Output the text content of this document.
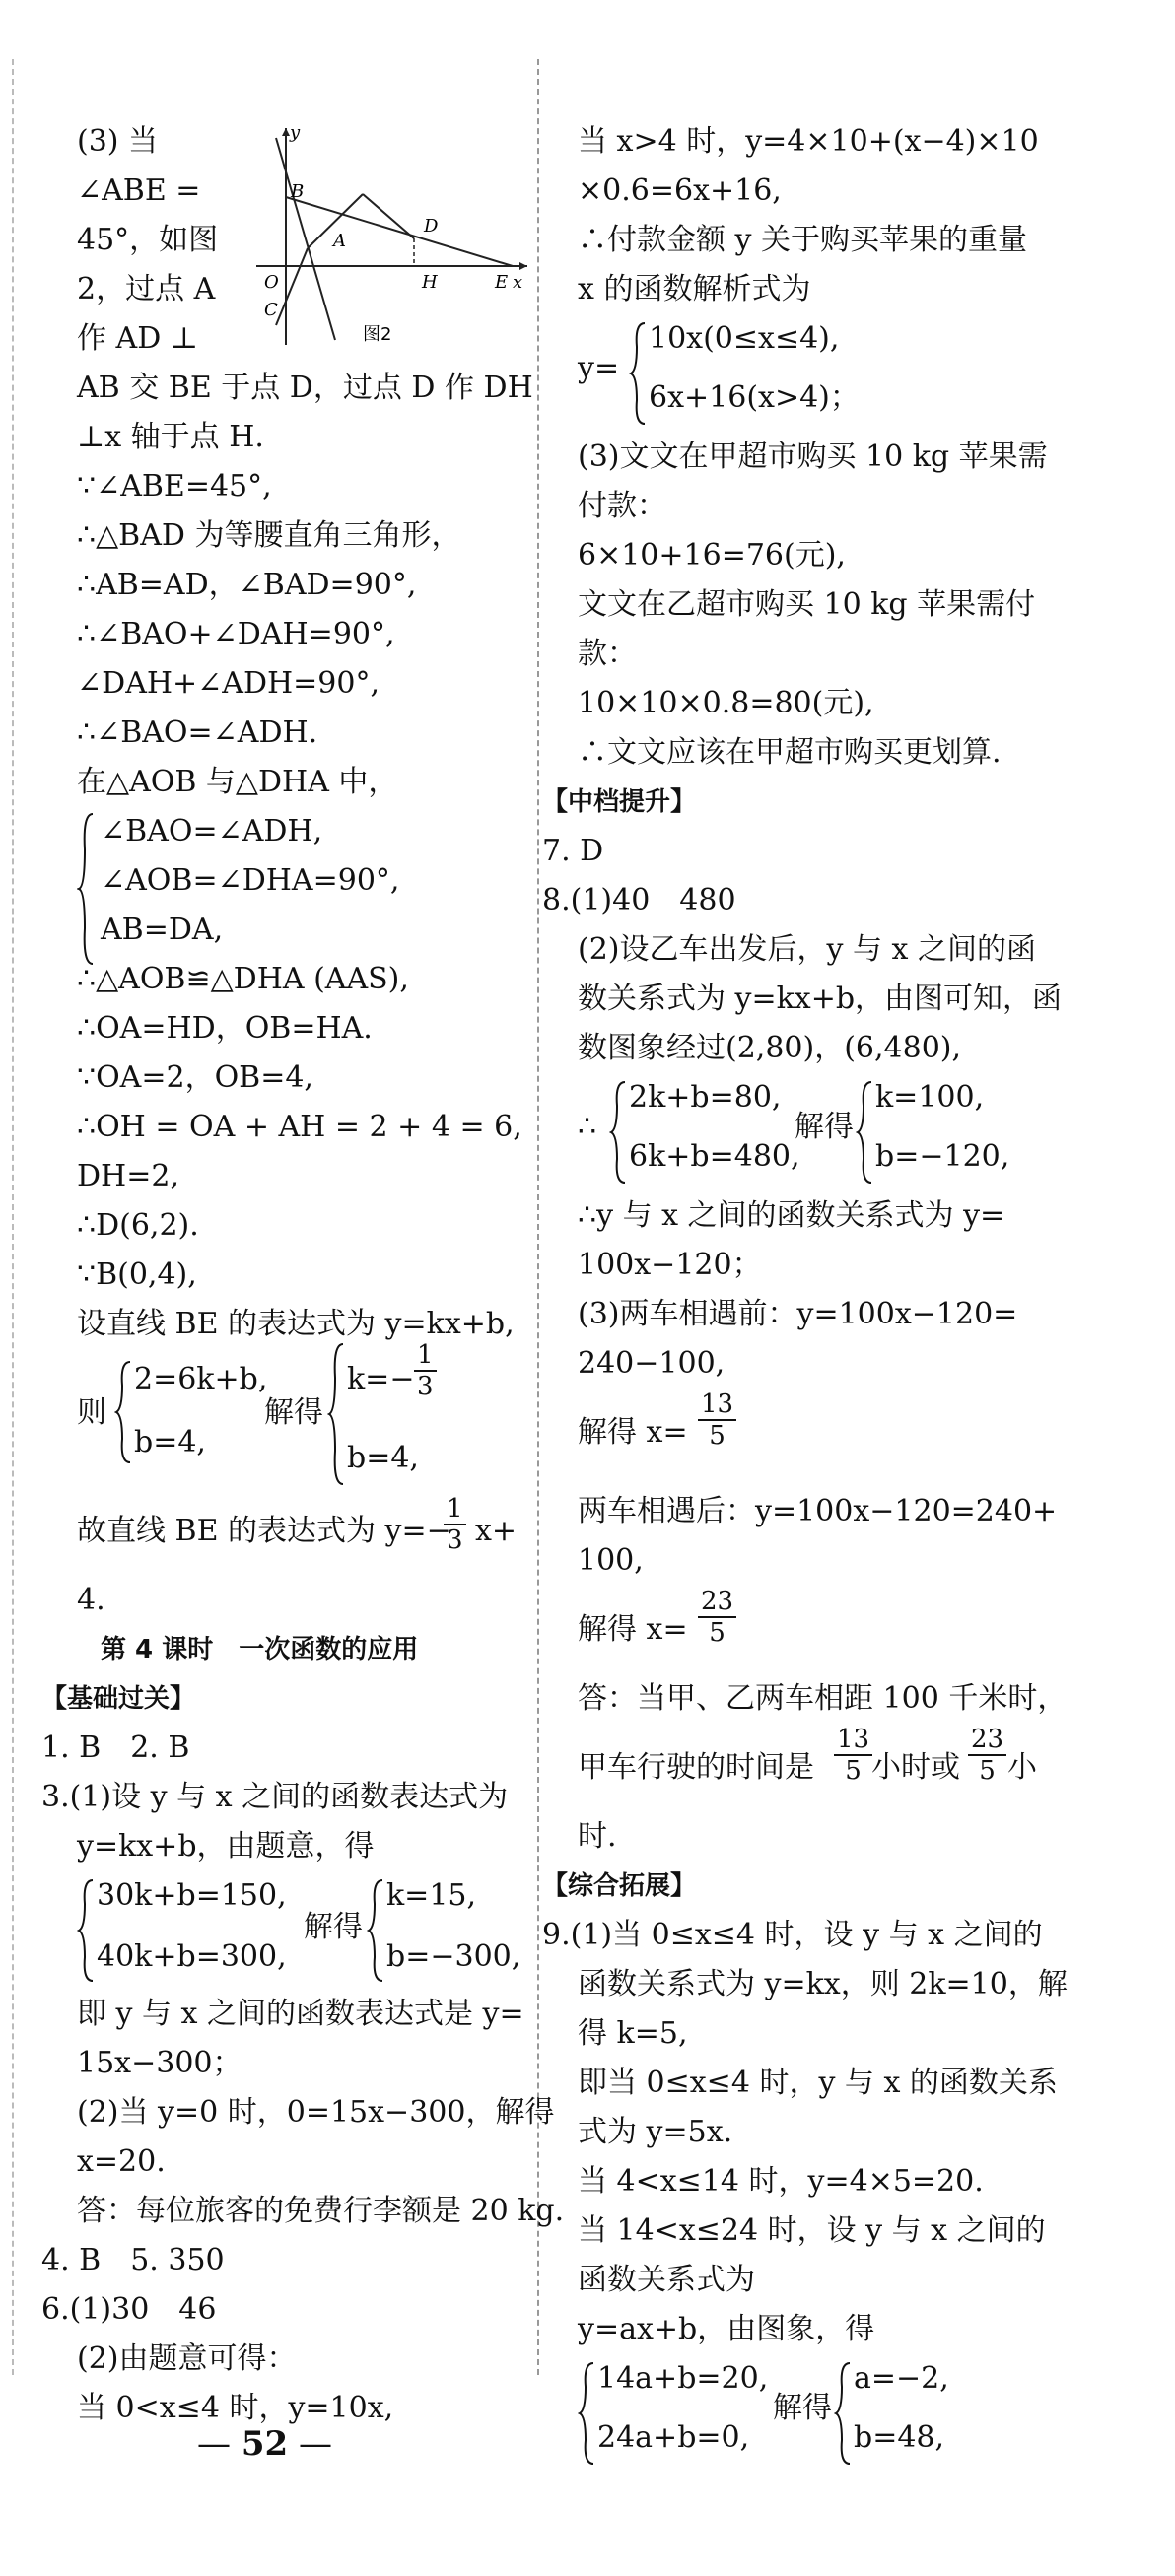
(3) 当
∠ABE =
45°，如图
2，过点 A
作 AD ⊥
y
B
D
A
O	H	E x
C
图2
AB 交 BE 于点 D，过点 D 作 DH
⊥x 轴于点 H.
∵∠ABE=45°,
∴△BAD 为等腰直角三角形，
∴AB=AD，∠BAD=90°,
∴∠BAO+∠DAH=90°,
∠DAH+∠ADH=90°,
∴∠BAO=∠ADH.
在△AOB 与△DHA 中，
∠BAO=∠ADH,
∠AOB=∠DHA=90°,
AB=DA,
∴△AOB≌△DHA (AAS),
∴OA=HD，OB=HA.
∵OA=2，OB=4,
∴OH = OA + AH = 2 + 4 = 6,
DH=2,
∴D(6,2).
∵B(0,4),
设直线 BE 的表达式为 y=kx+b,
则
2=6k+b,
b=4,
解得
$k=- \frac{1}{3}$
b=4,
故直线 BE 的表达式为 y=−
$\frac{1}{3} x+$
4.
第 4 课时　一次函数的应用
【基础过关】
1. B　2. B
3.(1)设 y 与 x 之间的函数表达式为
y=kx+b，由题意，得
30k+b=150,
40k+b=300,
解得
k=15,
b=−300,
即 y 与 x 之间的函数表达式是 y=
15x−300；
(2)当 y=0 时，0=15x−300，解得
x=20.
答：每位旅客的免费行李额是 20 kg.
4. B　5. 350
6.(1)30　46
(2)由题意可得：
当 0<x≤4 时，y=10x,
当 x>4 时，y=4×10+(x−4)×10
×0.6=6x+16,
∴付款金额 y 关于购买苹果的重量
x 的函数解析式为
y=
10x(0≤x≤4),
6x+16(x>4)；
(3)文文在甲超市购买 10 kg 苹果需
付款：
6×10+16=76(元),
文文在乙超市购买 10 kg 苹果需付
款：
10×10×0.8=80(元),
∴文文应该在甲超市购买更划算.
【中档提升】
7. D
8.(1)40　480
(2)设乙车出发后，y 与 x 之间的函
数关系式为 y=kx+b，由图可知，函
数图象经过(2,80)，(6,480),
∴
2k+b=80,
6k+b=480,
解得
k=100,
b=−120,
∴y 与 x 之间的函数关系式为 y=
100x−120；
(3)两车相遇前：y=100x−120=
240−100,
解得 $x= \frac{13}{5}$
两车相遇后：y=100x−120=240+
100,
解得 $x= \frac{23}{5}$
答：当甲、乙两车相距 100 千米时，
甲车行驶的时间是 $\frac{13}{5}$
小时或 $\frac{23}{5}$ 小
时.
【综合拓展】
9.(1)当 0≤x≤4 时，设 y 与 x 之间的
函数关系式为 y=kx，则 2k=10，解
得 k=5,
即当 0≤x≤4 时，y 与 x 的函数关系
式为 y=5x.
当 4<x≤14 时，y=4×5=20.
当 14<x≤24 时，设 y 与 x 之间的
函数关系式为
y=ax+b，由图象，得
14a+b=20,
24a+b=0,
解得
a=−2,
b=48,
— 52 —
